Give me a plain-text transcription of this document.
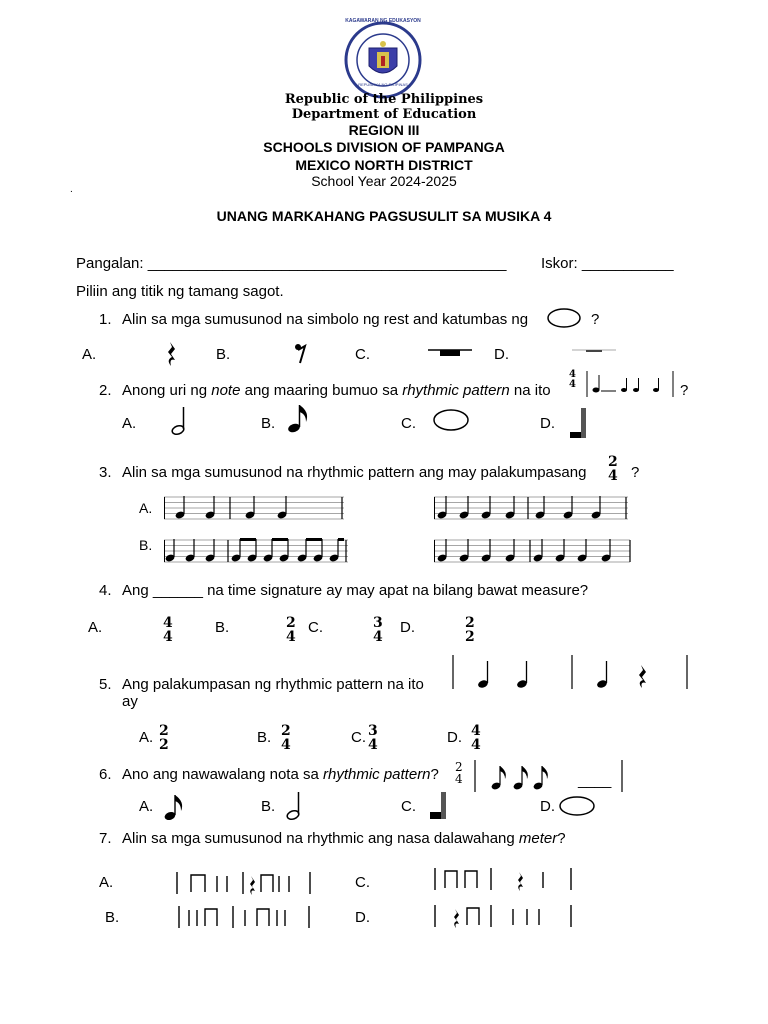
KAGAWARAN NG EDUKASYON
REPUBLIKA NG PILIPINAS
Republic of the Philippines
Department of Education
REGION III
SCHOOLS DIVISION OF PAMPANGA
MEXICO NORTH DISTRICT
School Year 2024-2025
.
UNANG MARKAHANG PAGSUSULIT SA MUSIKA 4
Pangalan: ___________________________________________ Iskor: ___________
Piliin ang titik ng tamang sagot.
1. Alin sa mga sumusunod na simbolo ng rest and katumbas ng	?
A.	B.	C.	D.
2. Anong uri ng note ang maaring bumuo sa rhythmic pattern na ito
4
4	?
A.	B.	C.	D.
3. Alin sa mga sumusunod na rhythmic pattern ang may palakumpasang
2
4 ?
A.
B.
4. Ang ______ na time signature ay may apat na bilang bawat measure?
A.	4
4
B.	2
4
C.	3
4
D.	2
2
5. Ang palakumpasan ng rhythmic pattern na ito
ay
A. 2
2	B. 2
4	C. 3
4	D. 4
4
6. Ano ang nawawalang nota sa rhythmic pattern? 2
4	____
A.	B.	C.	D.
7. Alin sa mga sumusunod na rhythmic ang nasa dalawahang meter?
A.	C.
B.	D.
